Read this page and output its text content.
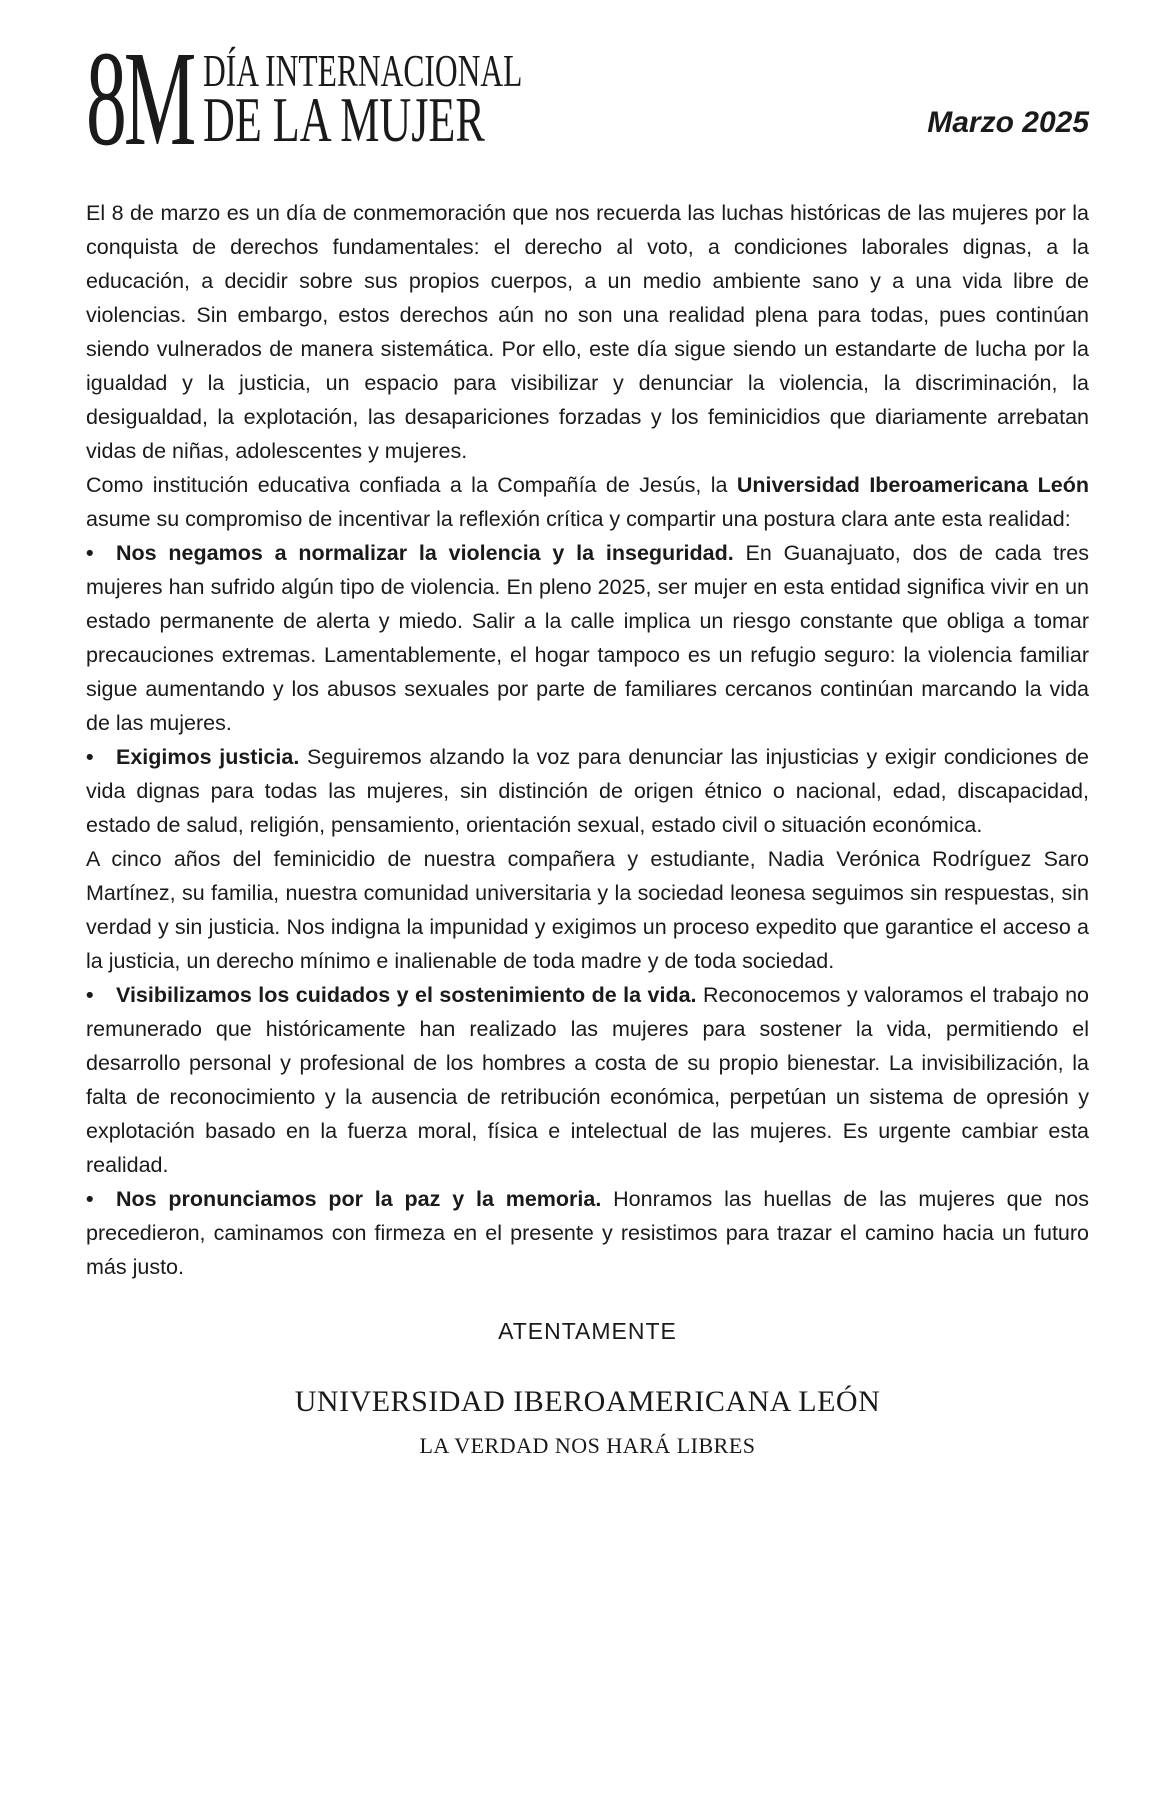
8M DÍA INTERNACIONAL
DE LA MUJER	Marzo 2025

El 8 de marzo es un día de conmemoración que nos recuerda las luchas históricas de las mujeres por la conquista de derechos fundamentales: el derecho al voto, a condiciones laborales dignas, a la educación, a decidir sobre sus propios cuerpos, a un medio ambiente sano y a una vida libre de violencias. Sin embargo, estos derechos aún no son una realidad plena para todas, pues continúan siendo vulnerados de manera sistemática. Por ello, este día sigue siendo un estandarte de lucha por la igualdad y la justicia, un espacio para visibilizar y denunciar la violencia, la discriminación, la desigualdad, la explotación, las desapariciones forzadas y los feminicidios que diariamente arrebatan vidas de niñas, adolescentes y mujeres.

Como institución educativa confiada a la Compañía de Jesús, la Universidad Iberoamericana León asume su compromiso de incentivar la reflexión crítica y compartir una postura clara ante esta realidad:

• Nos negamos a normalizar la violencia y la inseguridad. En Guanajuato, dos de cada tres mujeres han sufrido algún tipo de violencia. En pleno 2025, ser mujer en esta entidad significa vivir en un estado permanente de alerta y miedo. Salir a la calle implica un riesgo constante que obliga a tomar precauciones extremas. Lamentablemente, el hogar tampoco es un refugio seguro: la violencia familiar sigue aumentando y los abusos sexuales por parte de familiares cercanos continúan marcando la vida de las mujeres.
• Exigimos justicia. Seguiremos alzando la voz para denunciar las injusticias y exigir condiciones de vida dignas para todas las mujeres, sin distinción de origen étnico o nacional, edad, discapacidad, estado de salud, religión, pensamiento, orientación sexual, estado civil o situación económica.

A cinco años del feminicidio de nuestra compañera y estudiante, Nadia Verónica Rodríguez Saro Martínez, su familia, nuestra comunidad universitaria y la sociedad leonesa seguimos sin respuestas, sin verdad y sin justicia. Nos indigna la impunidad y exigimos un proceso expedito que garantice el acceso a la justicia, un derecho mínimo e inalienable de toda madre y de toda sociedad.

• Visibilizamos los cuidados y el sostenimiento de la vida. Reconocemos y valoramos el trabajo no remunerado que históricamente han realizado las mujeres para sostener la vida, permitiendo el desarrollo personal y profesional de los hombres a costa de su propio bienestar. La invisibilización, la falta de reconocimiento y la ausencia de retribución económica, perpetúan un sistema de opresión y explotación basado en la fuerza moral, física e intelectual de las mujeres. Es urgente cambiar esta realidad.
• Nos pronunciamos por la paz y la memoria. Honramos las huellas de las mujeres que nos precedieron, caminamos con firmeza en el presente y resistimos para trazar el camino hacia un futuro más justo.
ATENTAMENTE
UNIVERSIDAD IBEROAMERICANA LEÓN
LA VERDAD NOS HARÁ LIBRES
